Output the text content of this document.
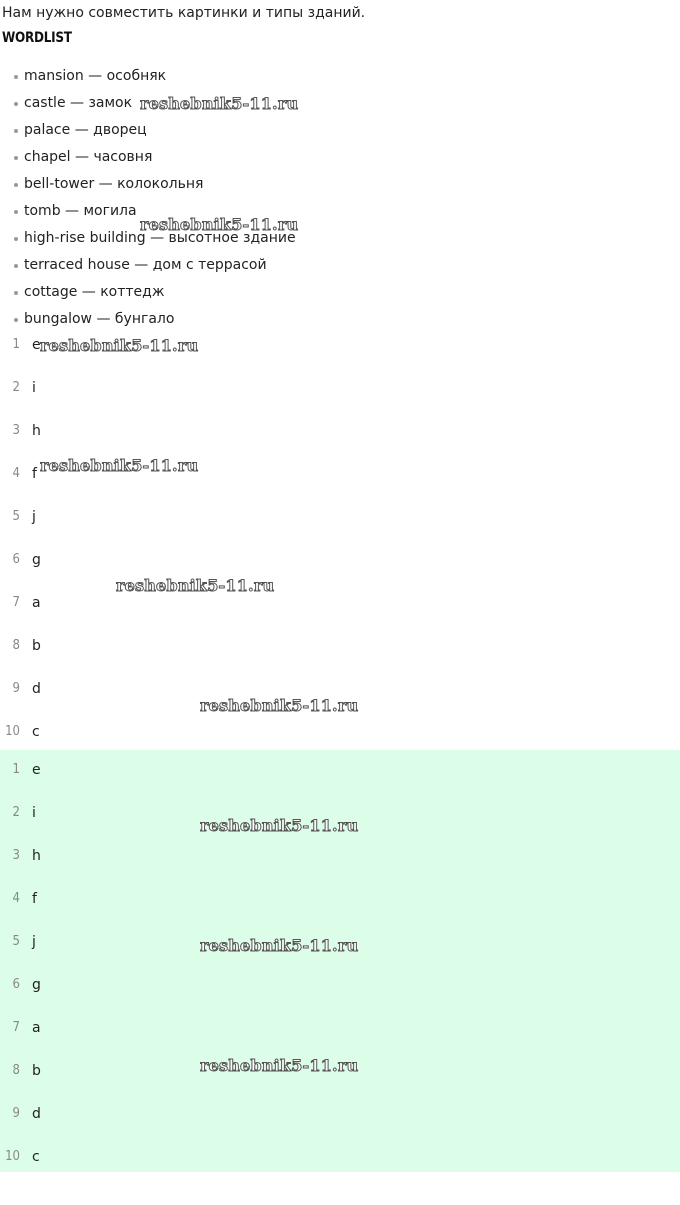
Нам нужно совместить картинки и типы зданий.
WORDLIST
mansion — особняк
castle — замок
palace — дворец
chapel — часовня
bell-tower — колокольня
tomb — могила
high-rise building — высотное здание
terraced house — дом с террасой
cottage — коттедж
bungalow — бунгало
1 e
2 i
3 h
4 f
5 j
6 g
7 a
8 b
9 d
10 c
1 e
2 i
3 h
4 f
5 j
6 g
7 a
8 b
9 d
10 c
reshebnik5-11.ru
reshebnik5-11.ru
reshebnik5-11.ru
reshebnik5-11.ru
reshebnik5-11.ru
reshebnik5-11.ru
reshebnik5-11.ru
reshebnik5-11.ru
reshebnik5-11.ru
